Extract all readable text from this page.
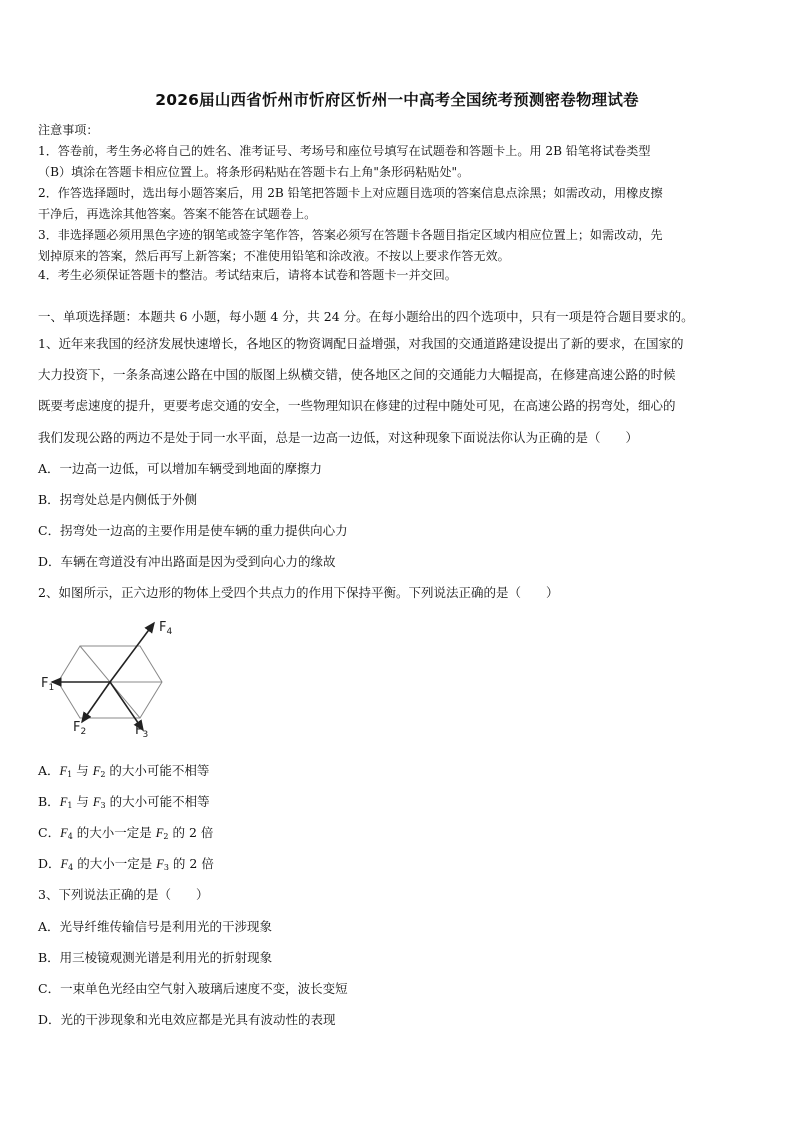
2026届山西省忻州市忻府区忻州一中高考全国统考预测密卷物理试卷
注意事项：
1．答卷前，考生务必将自己的姓名、准考证号、考场号和座位号填写在试题卷和答题卡上。用 2B 铅笔将试卷类型
（B）填涂在答题卡相应位置上。将条形码粘贴在答题卡右上角"条形码粘贴处"。
2．作答选择题时，选出每小题答案后，用 2B 铅笔把答题卡上对应题目选项的答案信息点涂黑；如需改动，用橡皮擦
干净后，再选涂其他答案。答案不能答在试题卷上。
3．非选择题必须用黑色字迹的钢笔或签字笔作答，答案必须写在答题卡各题目指定区域内相应位置上；如需改动，先
划掉原来的答案，然后再写上新答案；不准使用铅笔和涂改液。不按以上要求作答无效。
4．考生必须保证答题卡的整洁。考试结束后，请将本试卷和答题卡一并交回。
一、单项选择题：本题共 6 小题，每小题 4 分，共 24 分。在每小题给出的四个选项中，只有一项是符合题目要求的。
1、近年来我国的经济发展快速增长，各地区的物资调配日益增强，对我国的交通道路建设提出了新的要求，在国家的
大力投资下，一条条高速公路在中国的版图上纵横交错，使各地区之间的交通能力大幅提高，在修建高速公路的时候
既要考虑速度的提升，更要考虑交通的安全，一些物理知识在修建的过程中随处可见，在高速公路的拐弯处，细心的
我们发现公路的两边不是处于同一水平面，总是一边高一边低，对这种现象下面说法你认为正确的是（　　）
A．一边高一边低，可以增加车辆受到地面的摩擦力
B．拐弯处总是内侧低于外侧
C．拐弯处一边高的主要作用是使车辆的重力提供向心力
D．车辆在弯道没有冲出路面是因为受到向心力的缘故
2、如图所示，正六边形的物体上受四个共点力的作用下保持平衡。下列说法正确的是（　　）
$F_1$
$F_2$	$F_3$
$F_4$
A．$F_1$ 与 $F_2$ 的大小可能不相等
B．$F_1$ 与 $F_3$ 的大小可能不相等
C．$F_4$ 的大小一定是 $F_2$ 的 2 倍
D．$F_4$ 的大小一定是 $F_3$ 的 2 倍
3、下列说法正确的是（　　）
A．光导纤维传输信号是利用光的干涉现象
B．用三棱镜观测光谱是利用光的折射现象
C．一束单色光经由空气射入玻璃后速度不变，波长变短
D．光的干涉现象和光电效应都是光具有波动性的表现
